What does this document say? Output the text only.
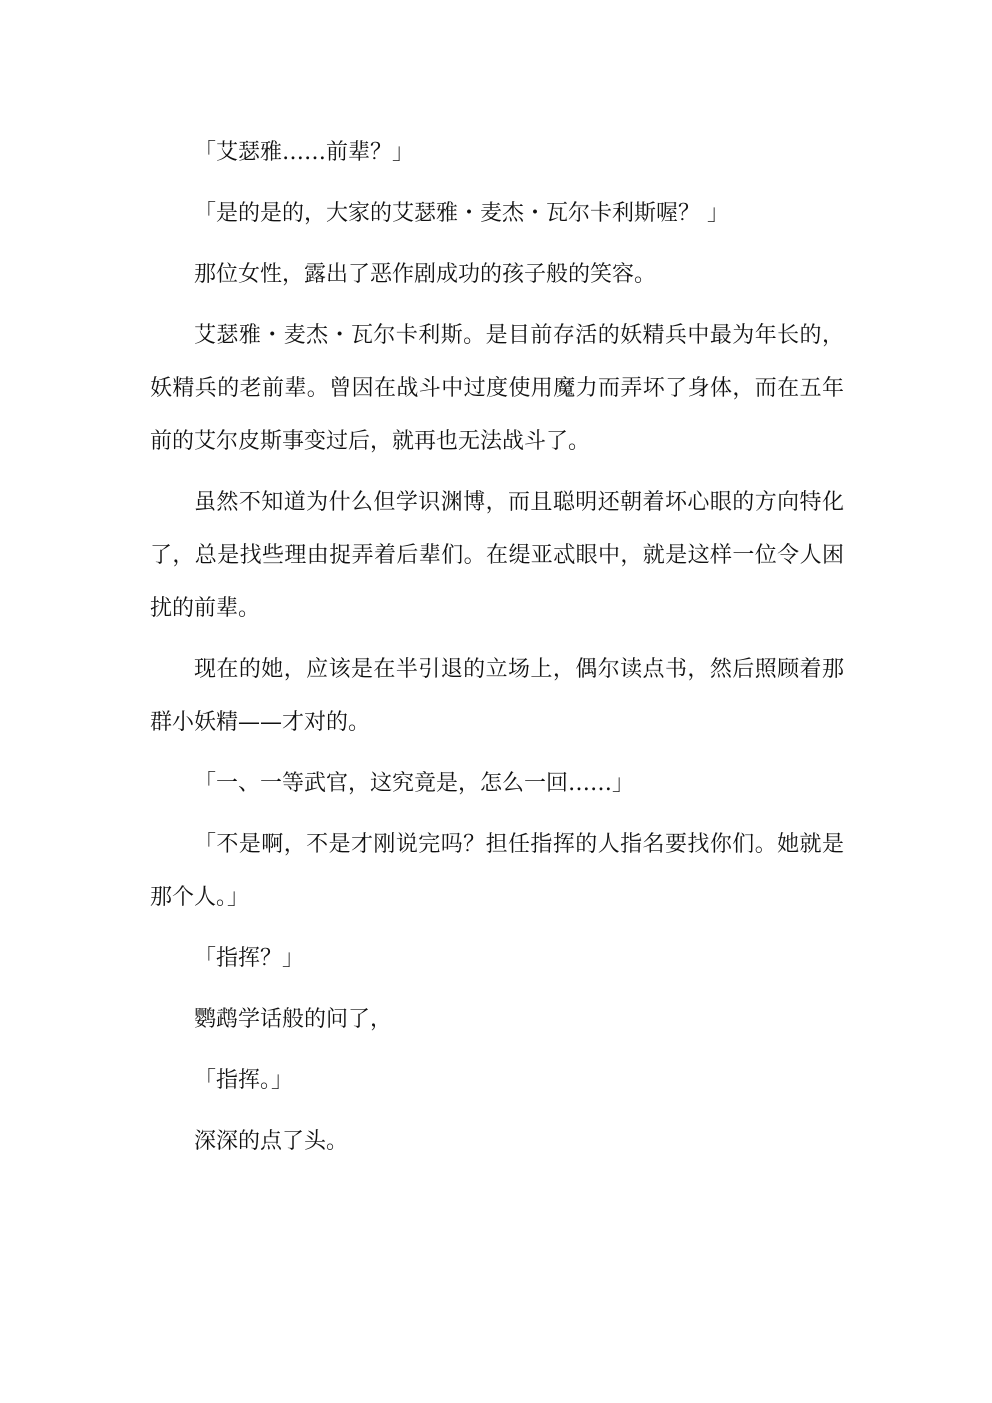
「艾瑟雅……前辈？」

「是的是的，大家的艾瑟雅・麦杰・瓦尔卡利斯喔？ 」

那位女性，露出了恶作剧成功的孩子般的笑容。

艾瑟雅・麦杰・瓦尔卡利斯。是目前存活的妖精兵中最为年长的，妖精兵的老前辈。曾因在战斗中过度使用魔力而弄坏了身体，而在五年前的艾尔皮斯事变过后，就再也无法战斗了。

虽然不知道为什么但学识渊博，而且聪明还朝着坏心眼的方向特化了，总是找些理由捉弄着后辈们。在缇亚忒眼中，就是这样一位令人困扰的前辈。

现在的她，应该是在半引退的立场上，偶尔读点书，然后照顾着那群小妖精——才对的。

「一、一等武官，这究竟是，怎么一回……」

「不是啊，不是才刚说完吗？担任指挥的人指名要找你们。她就是那个人。」

「指挥？」

鹦鹉学话般的问了，

「指挥。」

深深的点了头。
